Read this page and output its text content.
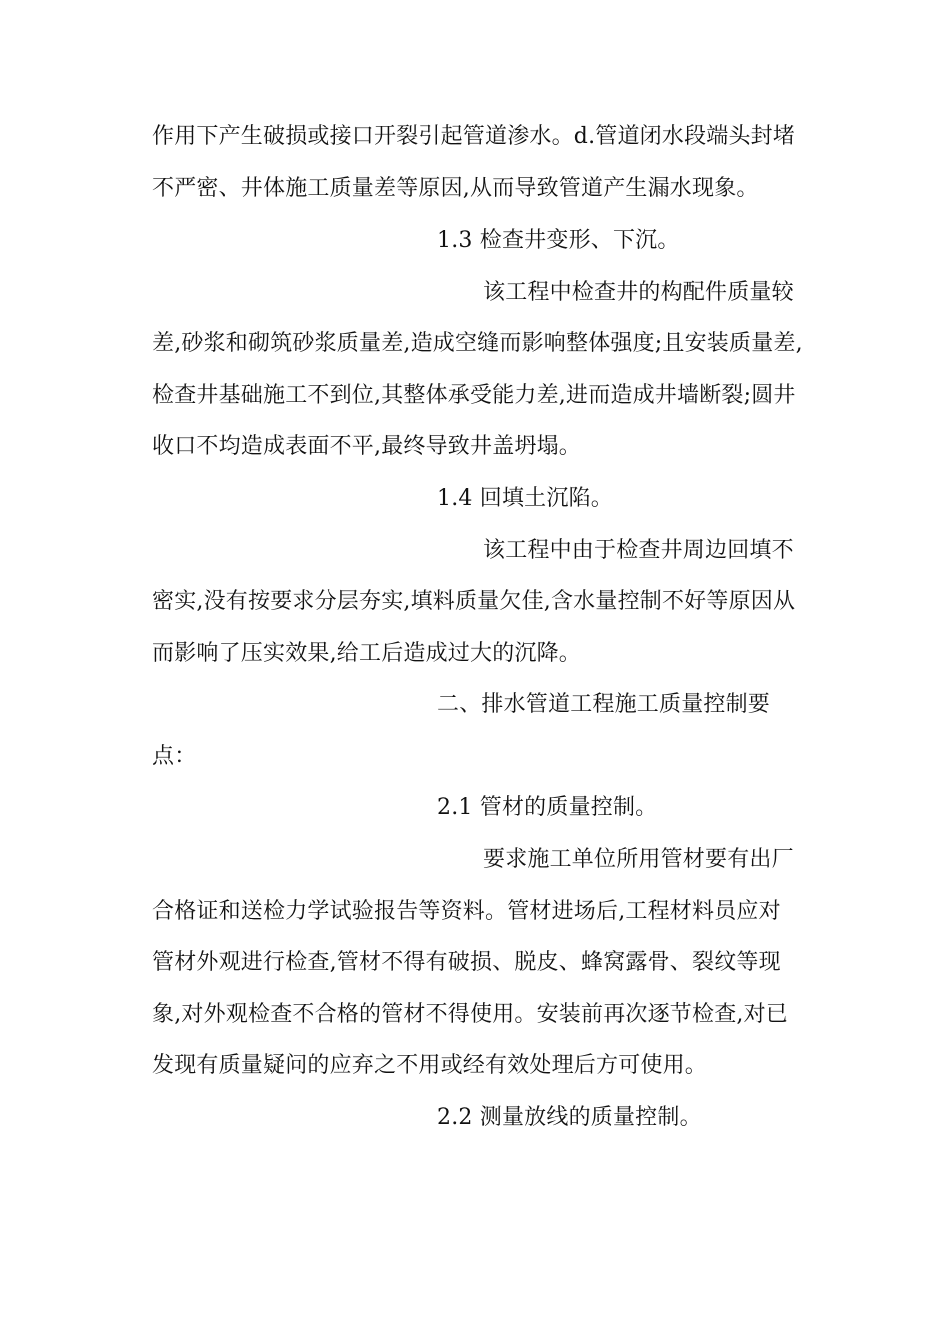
作用下产生破损或接口开裂引起管道渗水。d.管道闭水段端头封堵
不严密、井体施工质量差等原因,从而导致管道产生漏水现象。
1.3 检查井变形、下沉。
该工程中检查井的构配件质量较
差,砂浆和砌筑砂浆质量差,造成空缝而影响整体强度;且安装质量差,
检查井基础施工不到位,其整体承受能力差,进而造成井墙断裂;圆井
收口不均造成表面不平,最终导致井盖坍塌。
1.4 回填土沉陷。
该工程中由于检查井周边回填不
密实,没有按要求分层夯实,填料质量欠佳,含水量控制不好等原因从
而影响了压实效果,给工后造成过大的沉降。
二、排水管道工程施工质量控制要
点：
2.1 管材的质量控制。
要求施工单位所用管材要有出厂
合格证和送检力学试验报告等资料。管材进场后,工程材料员应对
管材外观进行检查,管材不得有破损、脱皮、蜂窝露骨、裂纹等现
象,对外观检查不合格的管材不得使用。安装前再次逐节检查,对已
发现有质量疑问的应弃之不用或经有效处理后方可使用。
2.2 测量放线的质量控制。
